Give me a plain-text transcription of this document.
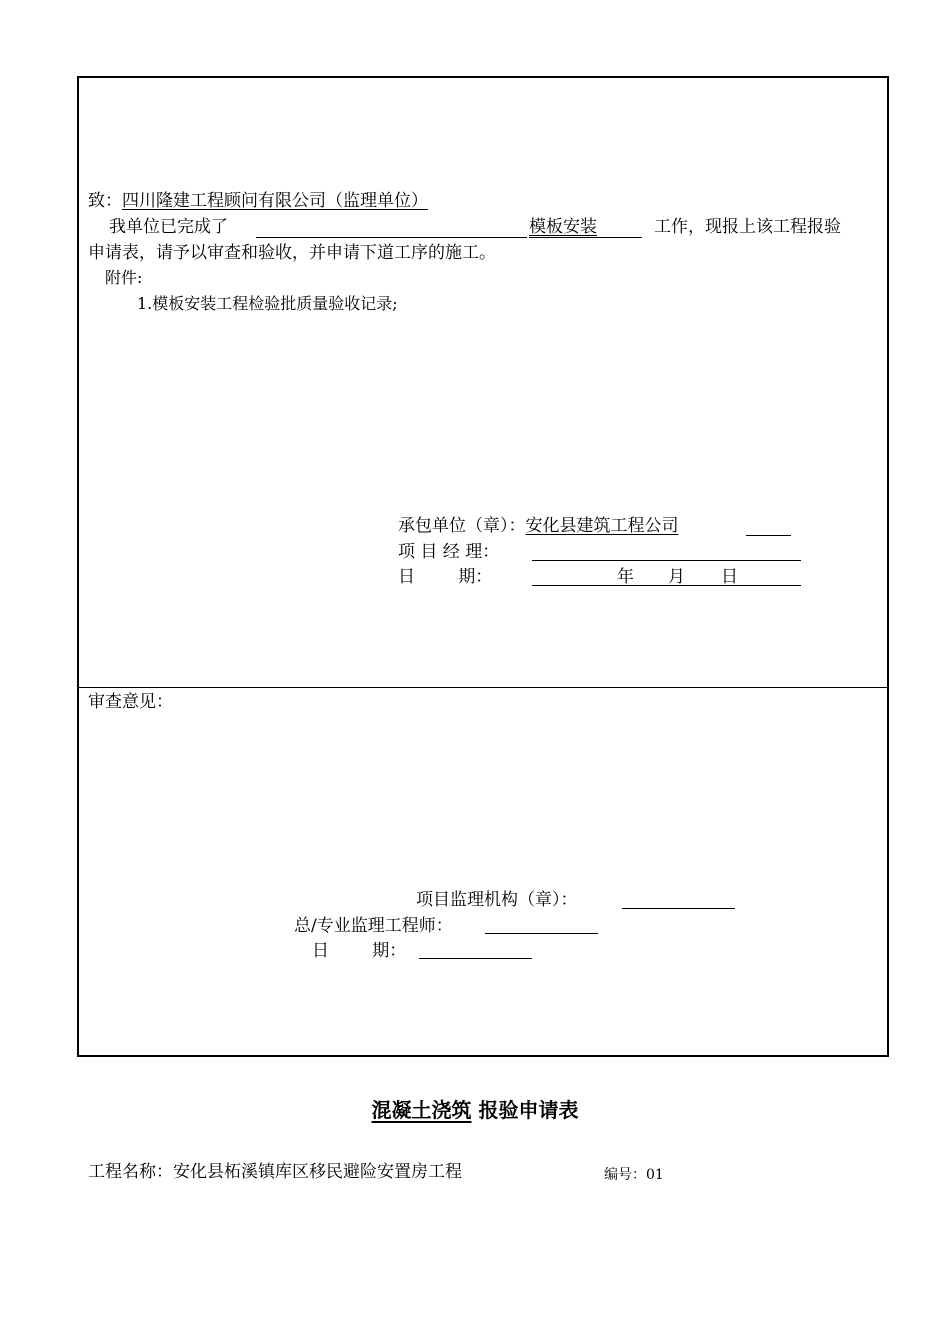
致：四川隆建工程顾问有限公司（监理单位）
我单位已完成了	模板安装	工作，现报上该工程报验
申请表，请予以审查和验收，并申请下道工序的施工。
附件:
1.模板安装工程检验批质量验收记录;
承包单位（章）：安化县建筑工程公司
项 目 经 理：
日        期：	年 月 日
审查意见：
项目监理机构（章）：
总/专业监理工程师：
日        期：
混凝土浇筑 报验申请表
工程名称：安化县柘溪镇库区移民避险安置房工程	编号：01
